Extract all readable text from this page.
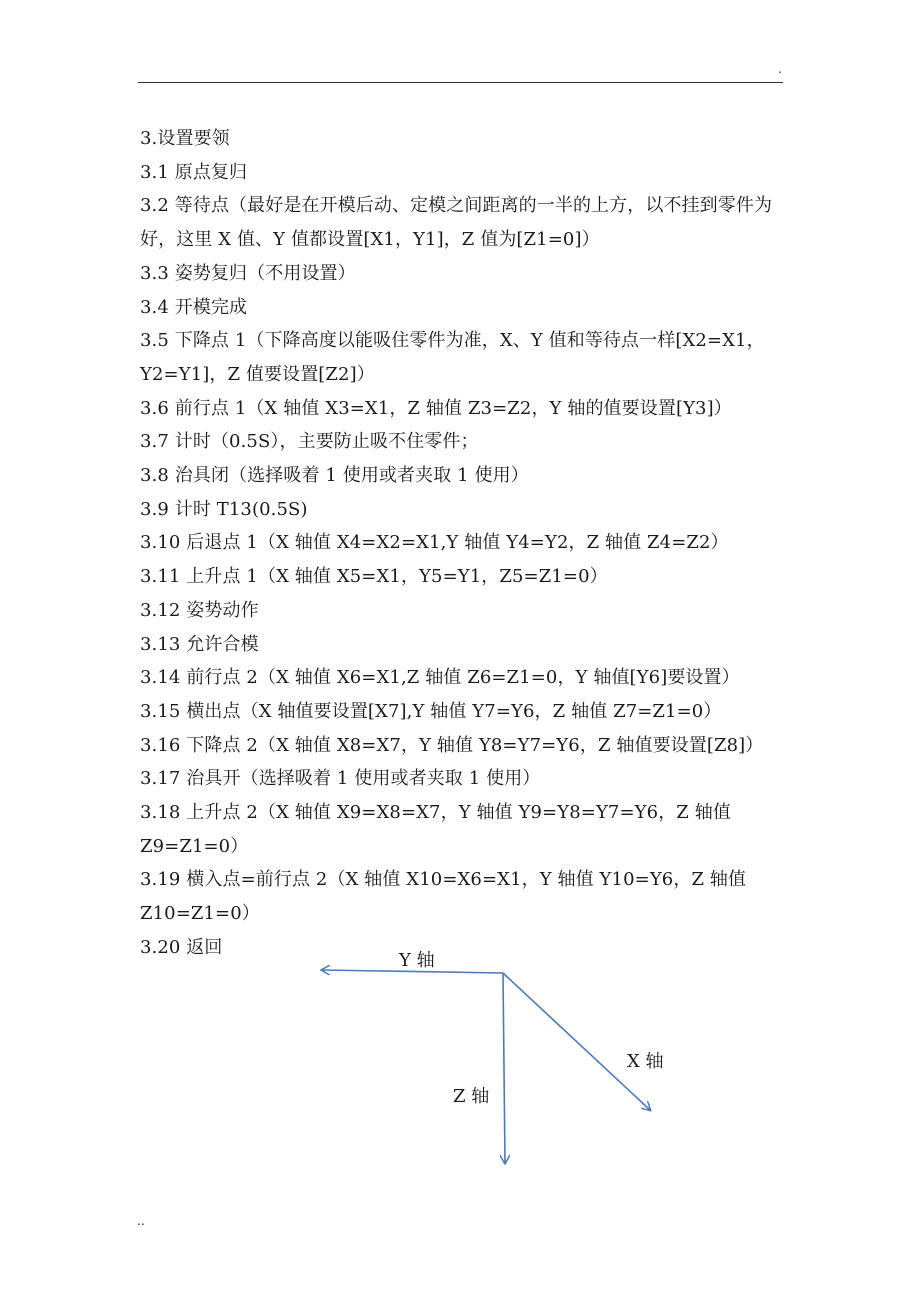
.

3.设置要领

3.1 原点复归

3.2 等待点（最好是在开模后动、定模之间距离的一半的上方，以不挂到零件为好，这里 X 值、Y 值都设置[X1，Y1]，Z 值为[Z1=0]）

3.3 姿势复归（不用设置）

3.4 开模完成

3.5 下降点 1（下降高度以能吸住零件为准，X、Y 值和等待点一样[X2=X1，Y2=Y1]，Z 值要设置[Z2]）

3.6 前行点 1（X 轴值 X3=X1，Z 轴值 Z3=Z2，Y 轴的值要设置[Y3]）

3.7 计时（0.5S），主要防止吸不住零件；

3.8 治具闭（选择吸着 1 使用或者夹取 1 使用）

3.9 计时 T13(0.5S)

3.10 后退点 1（X 轴值 X4=X2=X1,Y 轴值 Y4=Y2，Z 轴值 Z4=Z2）

3.11 上升点 1（X 轴值 X5=X1，Y5=Y1，Z5=Z1=0）

3.12 姿势动作

3.13 允许合模

3.14 前行点 2（X 轴值 X6=X1,Z 轴值 Z6=Z1=0，Y 轴值[Y6]要设置）

3.15 横出点（X 轴值要设置[X7],Y 轴值 Y7=Y6，Z 轴值 Z7=Z1=0）

3.16 下降点 2（X 轴值 X8=X7，Y 轴值 Y8=Y7=Y6，Z 轴值要设置[Z8]）

3.17 治具开（选择吸着 1 使用或者夹取 1 使用）

3.18 上升点 2（X 轴值 X9=X8=X7，Y 轴值 Y9=Y8=Y7=Y6，Z 轴值 Z9=Z1=0）

3.19 横入点=前行点 2（X 轴值 X10=X6=X1，Y 轴值 Y10=Y6，Z 轴值 Z10=Z1=0）

3.20 返回

Y 轴
X 轴
Z 轴
..
